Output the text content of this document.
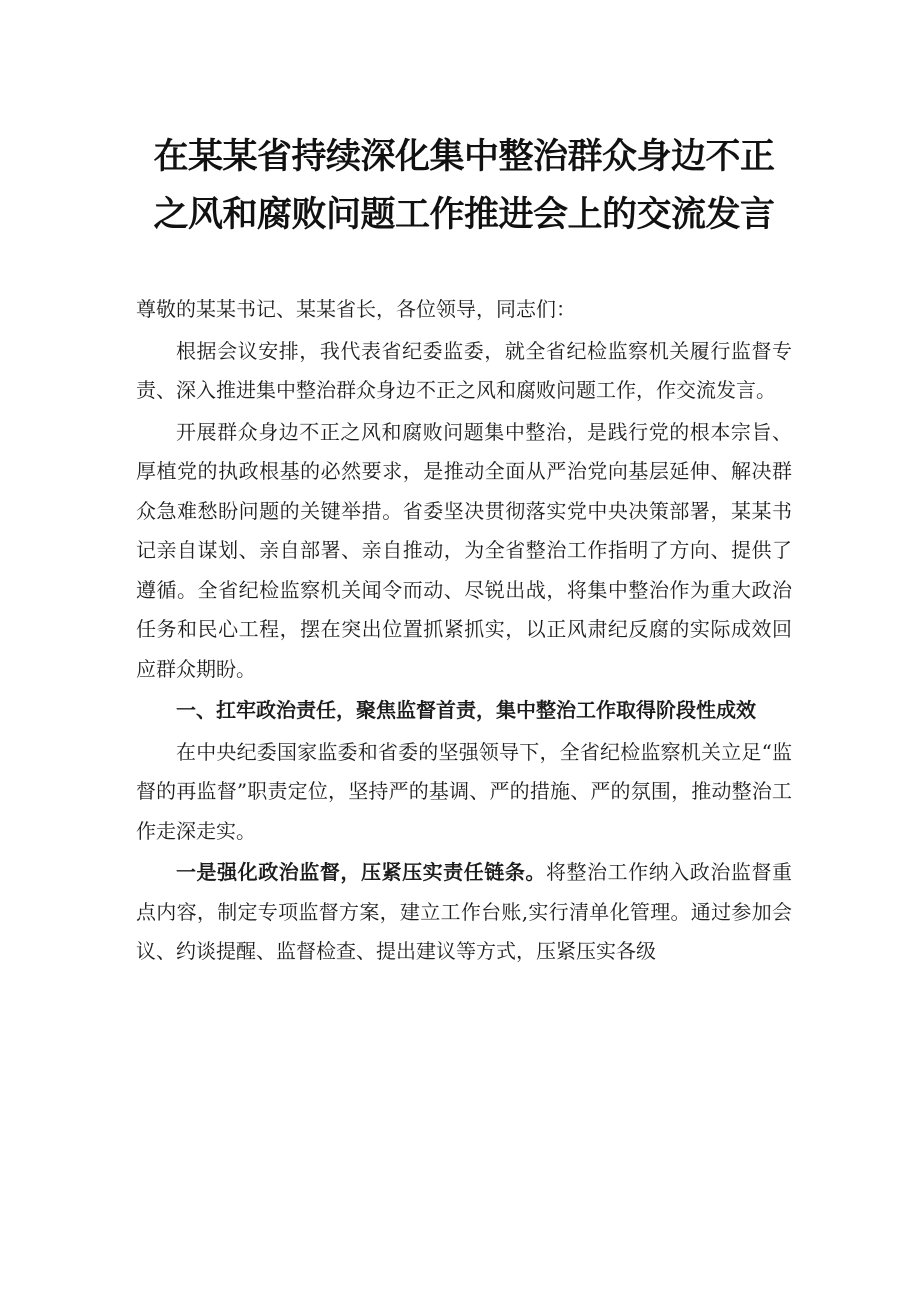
在某某省持续深化集中整治群众身边不正
之风和腐败问题工作推进会上的交流发言

尊敬的某某书记、某某省长，各位领导，同志们：

根据会议安排，我代表省纪委监委，就全省纪检监察机关履行监督专责、深入推进集中整治群众身边不正之风和腐败问题工作，作交流发言。

开展群众身边不正之风和腐败问题集中整治，是践行党的根本宗旨、厚植党的执政根基的必然要求，是推动全面从严治党向基层延伸、解决群众急难愁盼问题的关键举措。省委坚决贯彻落实党中央决策部署，某某书记亲自谋划、亲自部署、亲自推动，为全省整治工作指明了方向、提供了遵循。全省纪检监察机关闻令而动、尽锐出战，将集中整治作为重大政治任务和民心工程，摆在突出位置抓紧抓实，以正风肃纪反腐的实际成效回应群众期盼。

一、扛牢政治责任，聚焦监督首责，集中整治工作取得阶段性成效

在中央纪委国家监委和省委的坚强领导下，全省纪检监察机关立足“监督的再监督”职责定位，坚持严的基调、严的措施、严的氛围，推动整治工作走深走实。

一是强化政治监督，压紧压实责任链条。将整治工作纳入政治监督重点内容，制定专项监督方案，建立工作台账,实行清单化管理。通过参加会议、约谈提醒、监督检查、提出建议等方式，压紧压实各级
